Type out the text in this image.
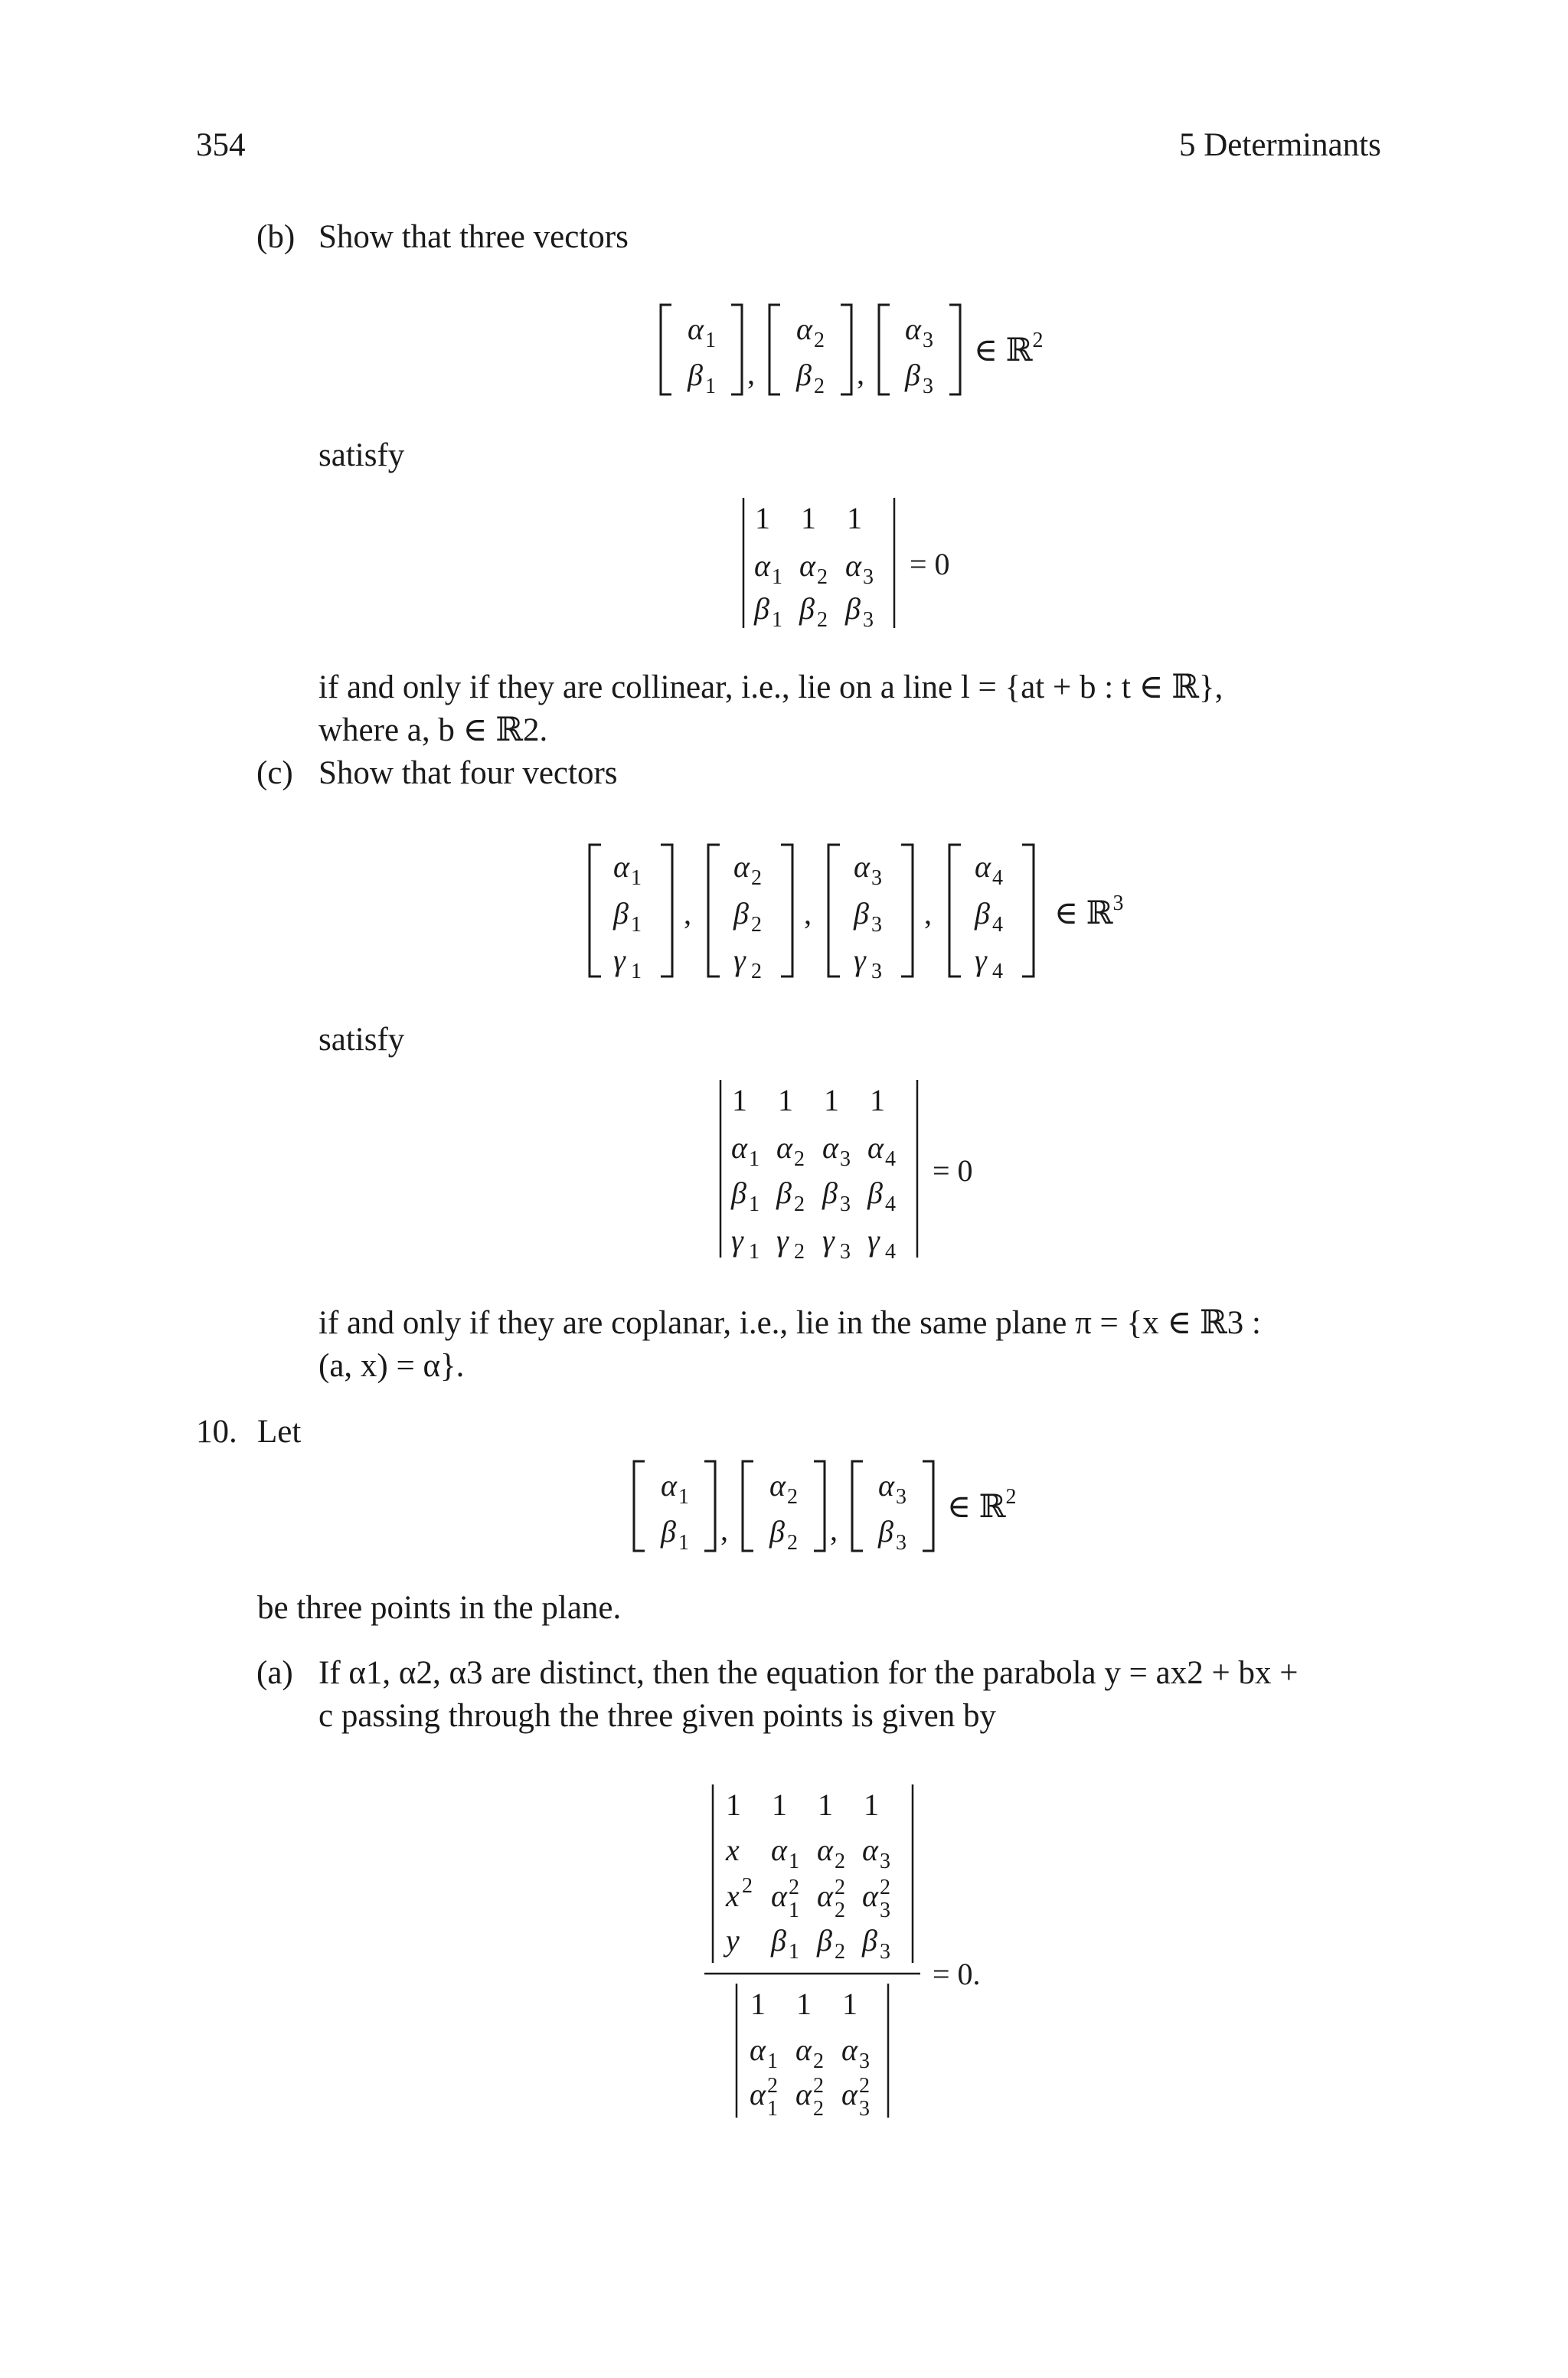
354	5 Determinants
(b) Show that three vectors
α 1
β 1 ,
α 2
β 2 ,
α 3
β 3
∈ ℝ2
satisfy
1 1 1
α 1 α 2 α 3
β 1 β 2 β 3
= 0
if and only if they are collinear, i.e., lie on a line l = {at + b : t ∈ ℝ},
where a, b ∈ ℝ2.
(c) Show that four vectors
α 1
β 1
γ 1
,
α 2
β 2
γ 2
,
α 3
β 3
γ 3
,
α 4
β 4
γ 4
∈ ℝ3
satisfy
1 1 1 1
α 1 α 2 α 3 α 4
β 1 β 2 β 3 β 4
γ 1 γ 2 γ 3 γ 4
= 0
if and only if they are coplanar, i.e., lie in the same plane π = {x ∈ ℝ3 :
(a, x) = α}.
10. Let
α 1
β 1 ,
α 2
β 2 ,
α 3
β 3
∈ ℝ2
be three points in the plane.
(a) If α1, α2, α3 are distinct, then the equation for the parabola y = ax2 + bx +
c passing through the three given points is given by
1 1 1 1
x α 1 α 2 α 3
x 2 α 2
1 α 2
2 α 2
3
y β 1 β 2 β 3
= 0.
1 1 1
α 1 α 2 α 3
α 2
1 α 2
2 α 2
3
